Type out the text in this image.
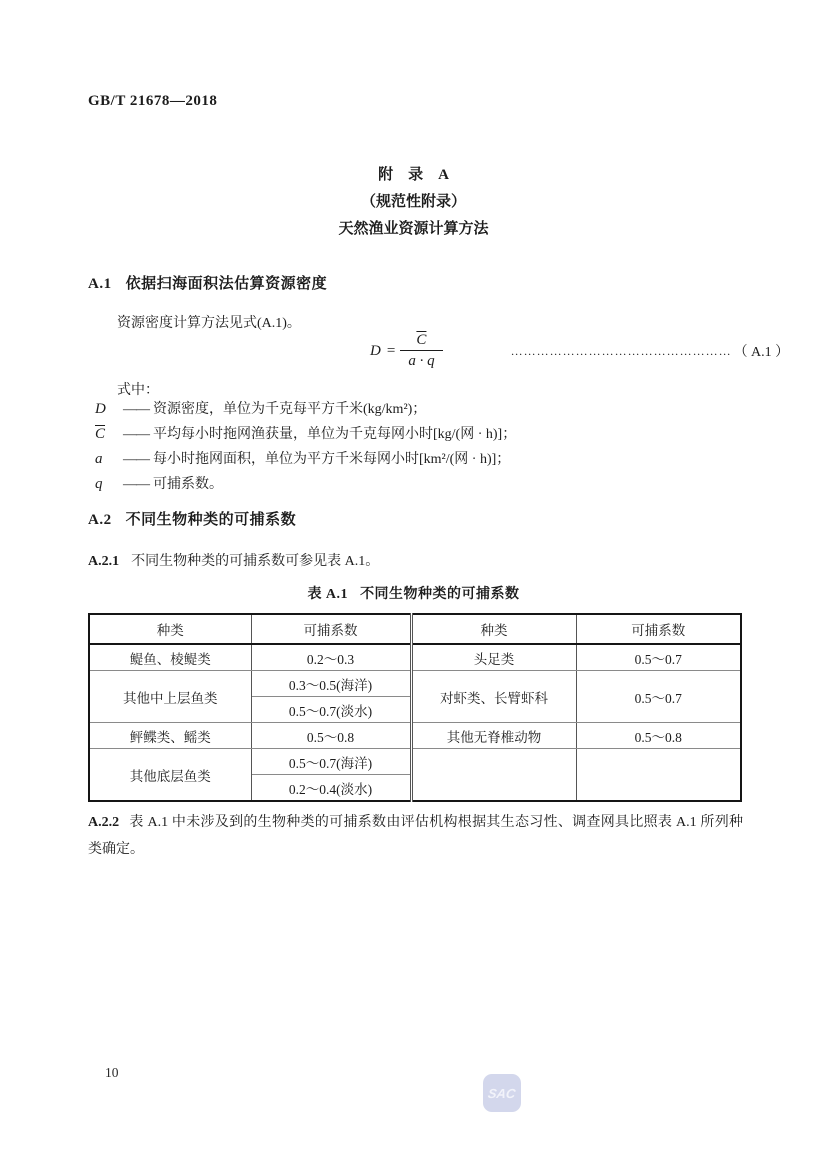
GB/T 21678—2018
附　录　A
（规范性附录）
天然渔业资源计算方法
A.1 依据扫海面积法估算资源密度
资源密度计算方法见式(A.1)。
$D = \frac{\overline{C}}{a \cdot q}$	…………………………………………… （ A.1 ）
式中：
D	—— 资源密度，单位为千克每平方千米(kg/km²)；
$\overline{C}$	—— 平均每小时拖网渔获量，单位为千克每网小时[kg/(网 · h)]；
a	—— 每小时拖网面积，单位为平方千米每网小时[km²/(网 · h)]；
q	—— 可捕系数。
A.2 不同生物种类的可捕系数
A.2.1 不同生物种类的可捕系数可参见表 A.1。
表 A.1 不同生物种类的可捕系数
种类	可捕系数	种类	可捕系数
鳀鱼、棱鳀类	0.2～0.3	头足类	0.5～0.7
其他中上层鱼类	0.3～0.5(海洋)	对虾类、长臂虾科	0.5～0.7
	0.5～0.7(淡水)		
鲆鲽类、鳐类	0.5～0.8	其他无脊椎动物	0.5～0.8
其他底层鱼类	0.5～0.7(海洋)		
	0.2～0.4(淡水)		
A.2.2 表 A.1 中未涉及到的生物种类的可捕系数由评估机构根据其生态习性、调查网具比照表 A.1 所列种类确定。
10
SAC
